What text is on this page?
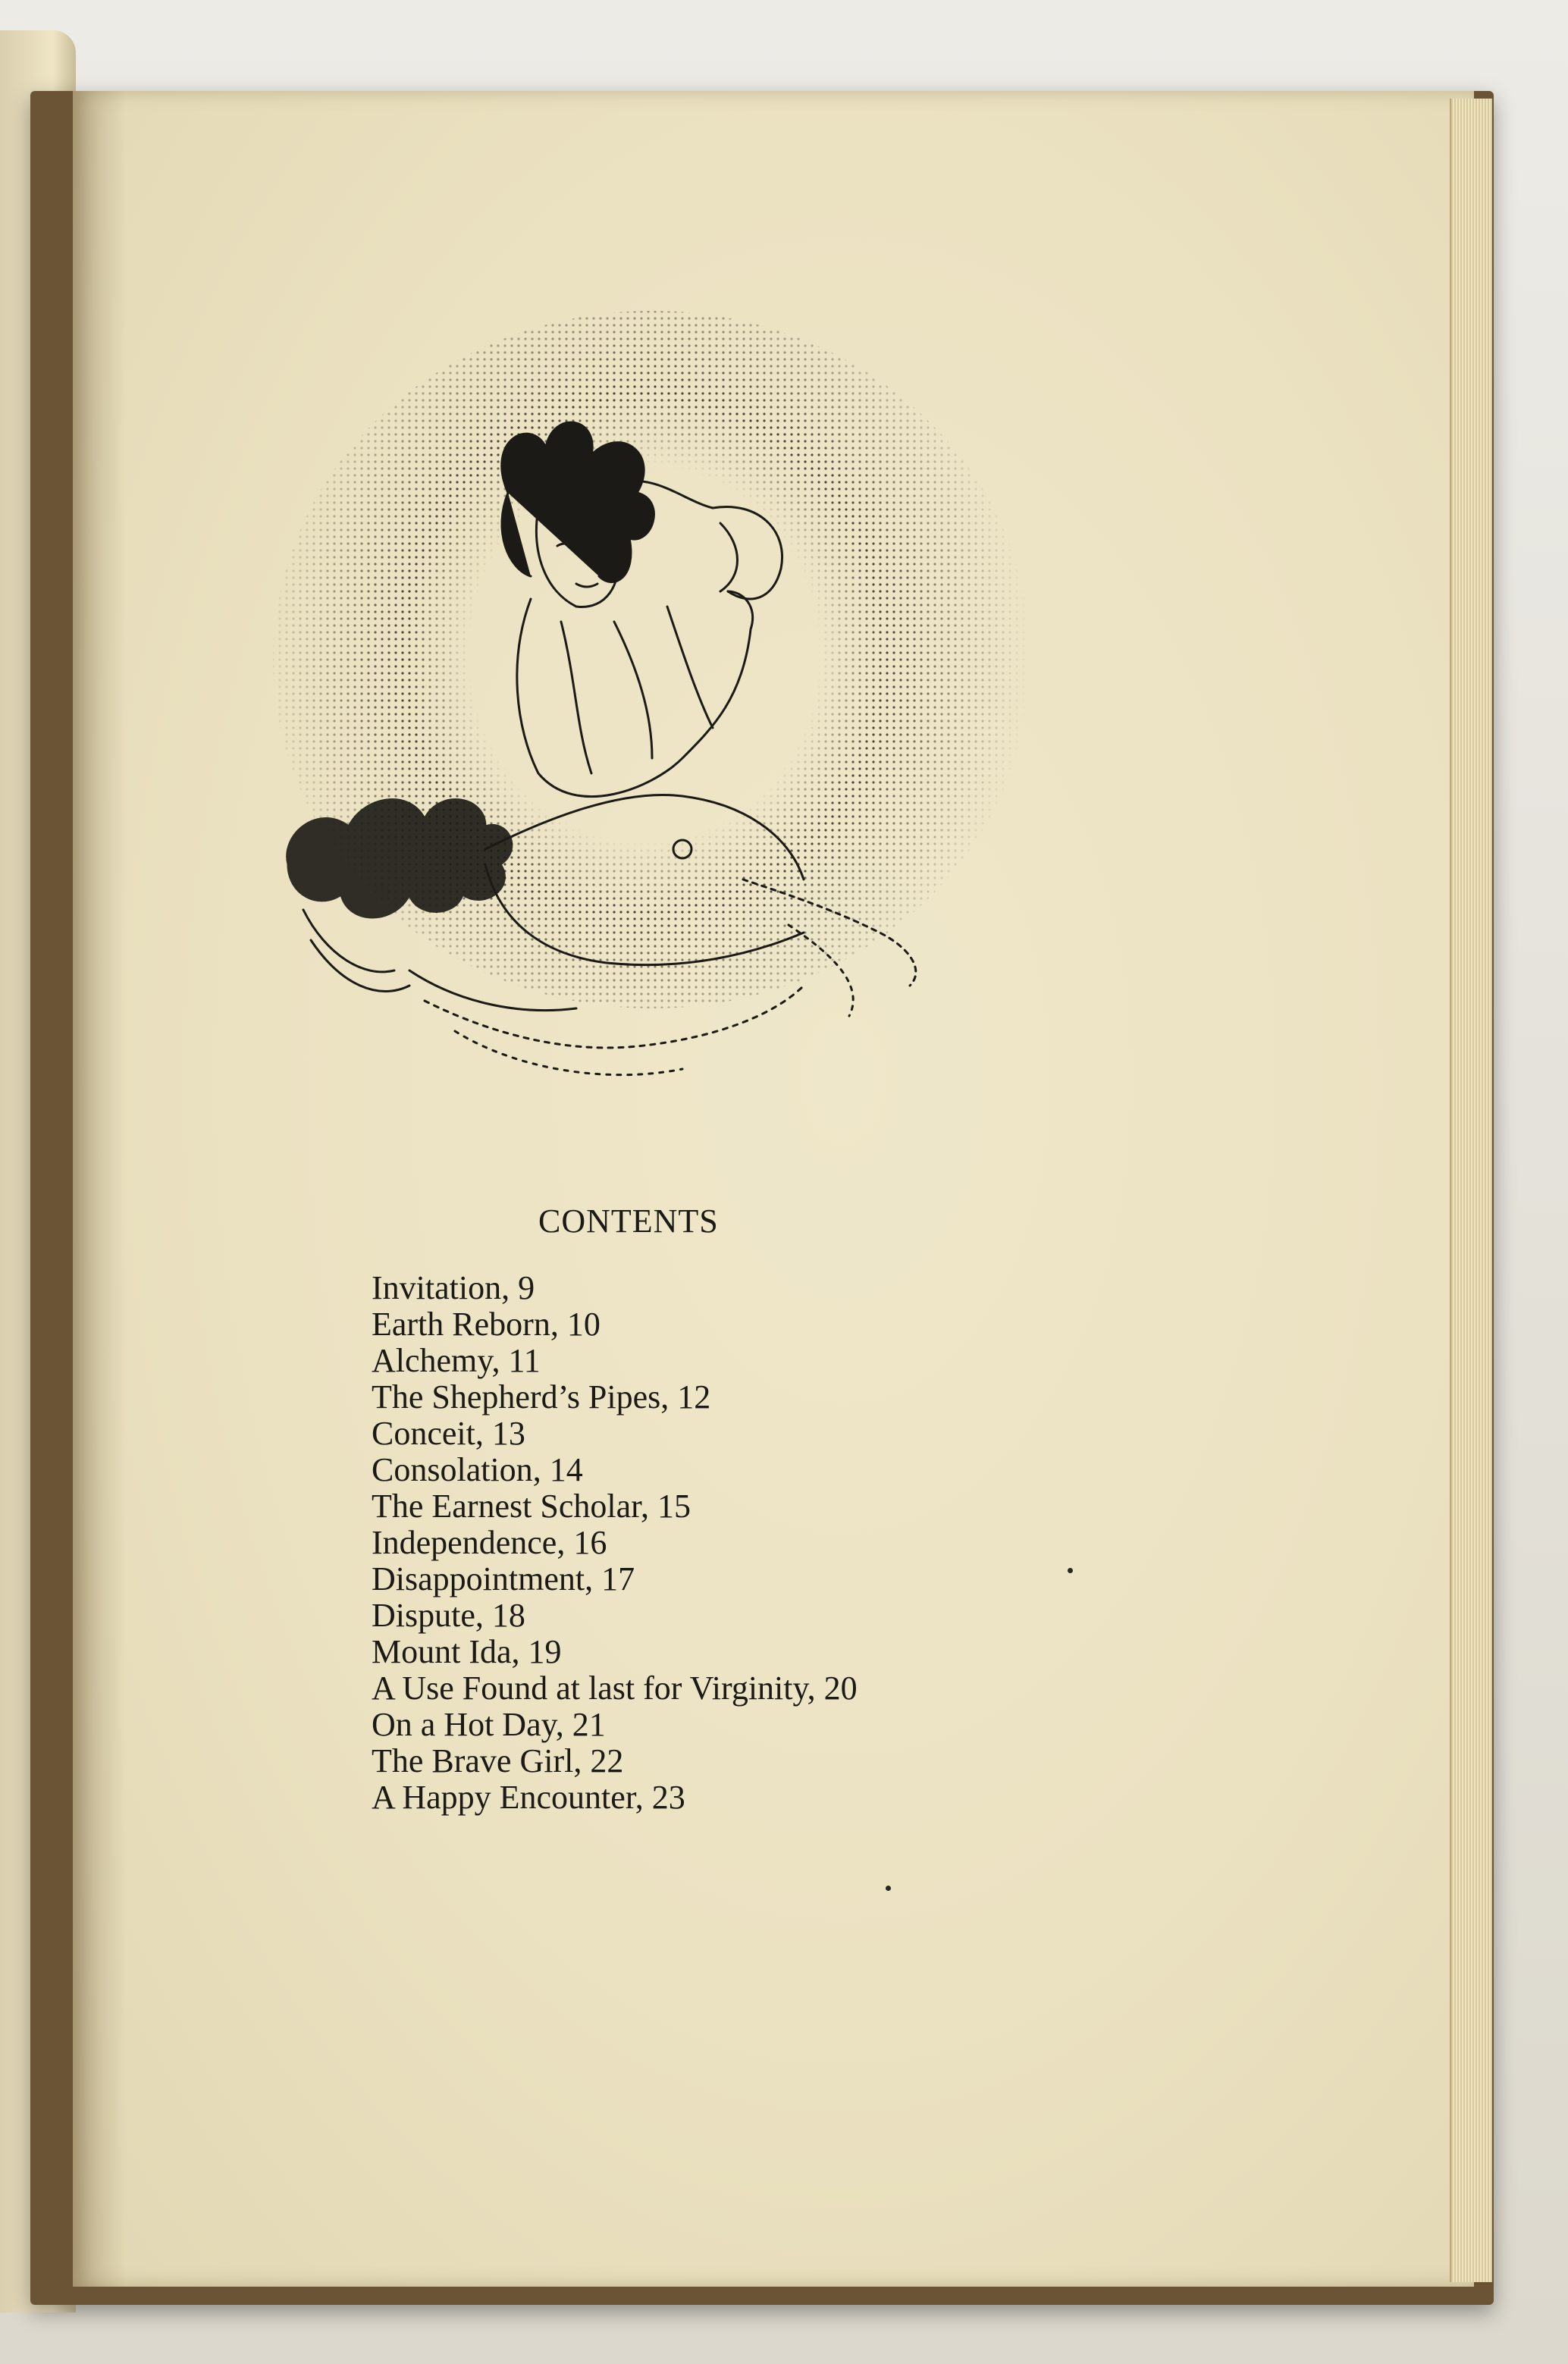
CONTENTS
Invitation, 9
Earth Reborn, 10
Alchemy, 11
The Shepherd’s Pipes, 12
Conceit, 13
Consolation, 14
The Earnest Scholar, 15
Independence, 16
Disappointment, 17
Dispute, 18
Mount Ida, 19
A Use Found at last for Virginity, 20
On a Hot Day, 21
The Brave Girl, 22
A Happy Encounter, 23
